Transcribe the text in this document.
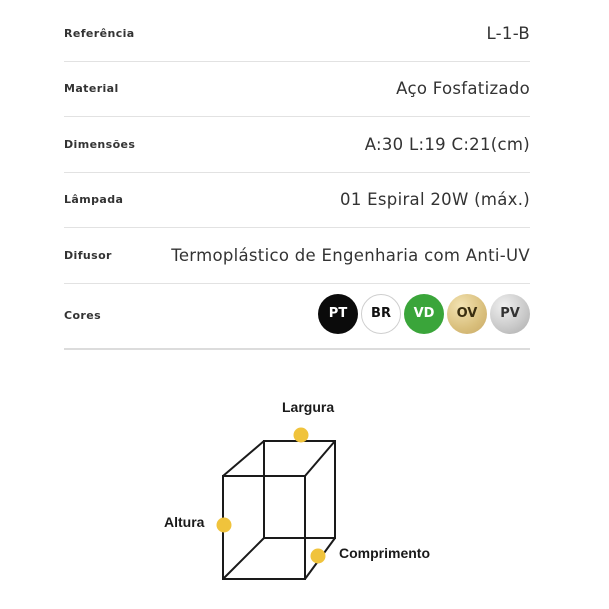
Referência	L-1-B
Material	Aço Fosfatizado
Dimensões	A:30 L:19 C:21(cm)
Lâmpada	01 Espiral 20W (máx.)
Difusor	Termoplástico de Engenharia com Anti-UV
Cores	PT	BR	VD	OV	PV
Largura
Altura
Comprimento
